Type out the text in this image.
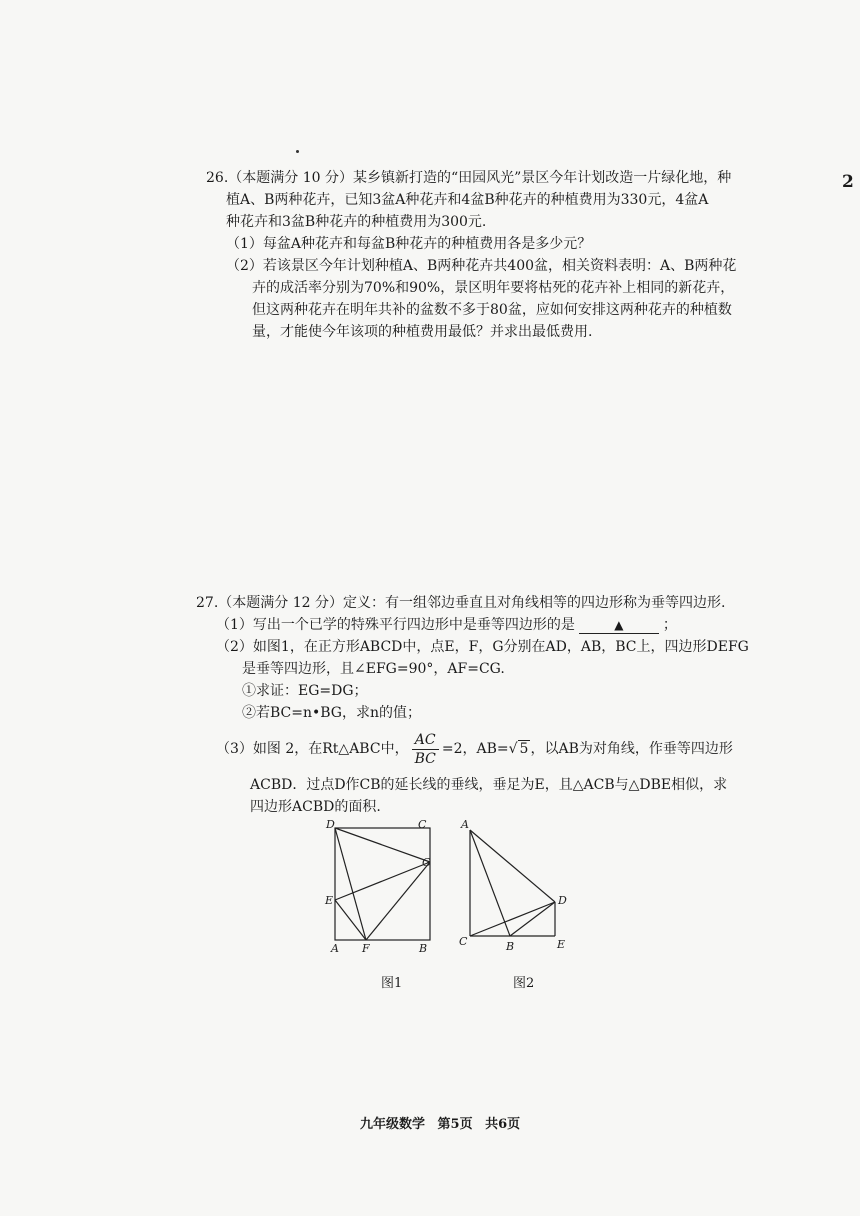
2
26.（本题满分 10 分）某乡镇新打造的“田园风光”景区今年计划改造一片绿化地，种
植A、B两种花卉，已知3盆A种花卉和4盆B种花卉的种植费用为330元，4盆A
种花卉和3盆B种花卉的种植费用为300元.
（1）每盆A种花卉和每盆B种花卉的种植费用各是多少元？
（2）若该景区今年计划种植A、B两种花卉共400盆，相关资料表明：A、B两种花
卉的成活率分别为70%和90%，景区明年要将枯死的花卉补上相同的新花卉，
但这两种花卉在明年共补的盆数不多于80盆，应如何安排这两种花卉的种植数
量，才能使今年该项的种植费用最低？并求出最低费用.
27.（本题满分 12 分）定义：有一组邻边垂直且对角线相等的四边形称为垂等四边形.
（1）写出一个已学的特殊平行四边形中是垂等四边形的是	▲	；
（2）如图1，在正方形ABCD中，点E，F，G分别在AD，AB，BC上，四边形DEFG
是垂等四边形，且∠EFG=90°，AF=CG.
①求证：EG=DG；
②若BC=n•BG，求n的值；
（3）如图 2，在Rt△ABC中， $\frac{AC}{BC} =2$，AB= √ 5 ，以AB为对角线，作垂等四边形
ACBD．过点D作CB的延长线的垂线，垂足为E，且△ACB与△DBE相似，求
四边形ACBD的面积.
D	C
G
E
A F	B
A
D
C	B	E
图1	图2
九年级数学 第5页 共6页
